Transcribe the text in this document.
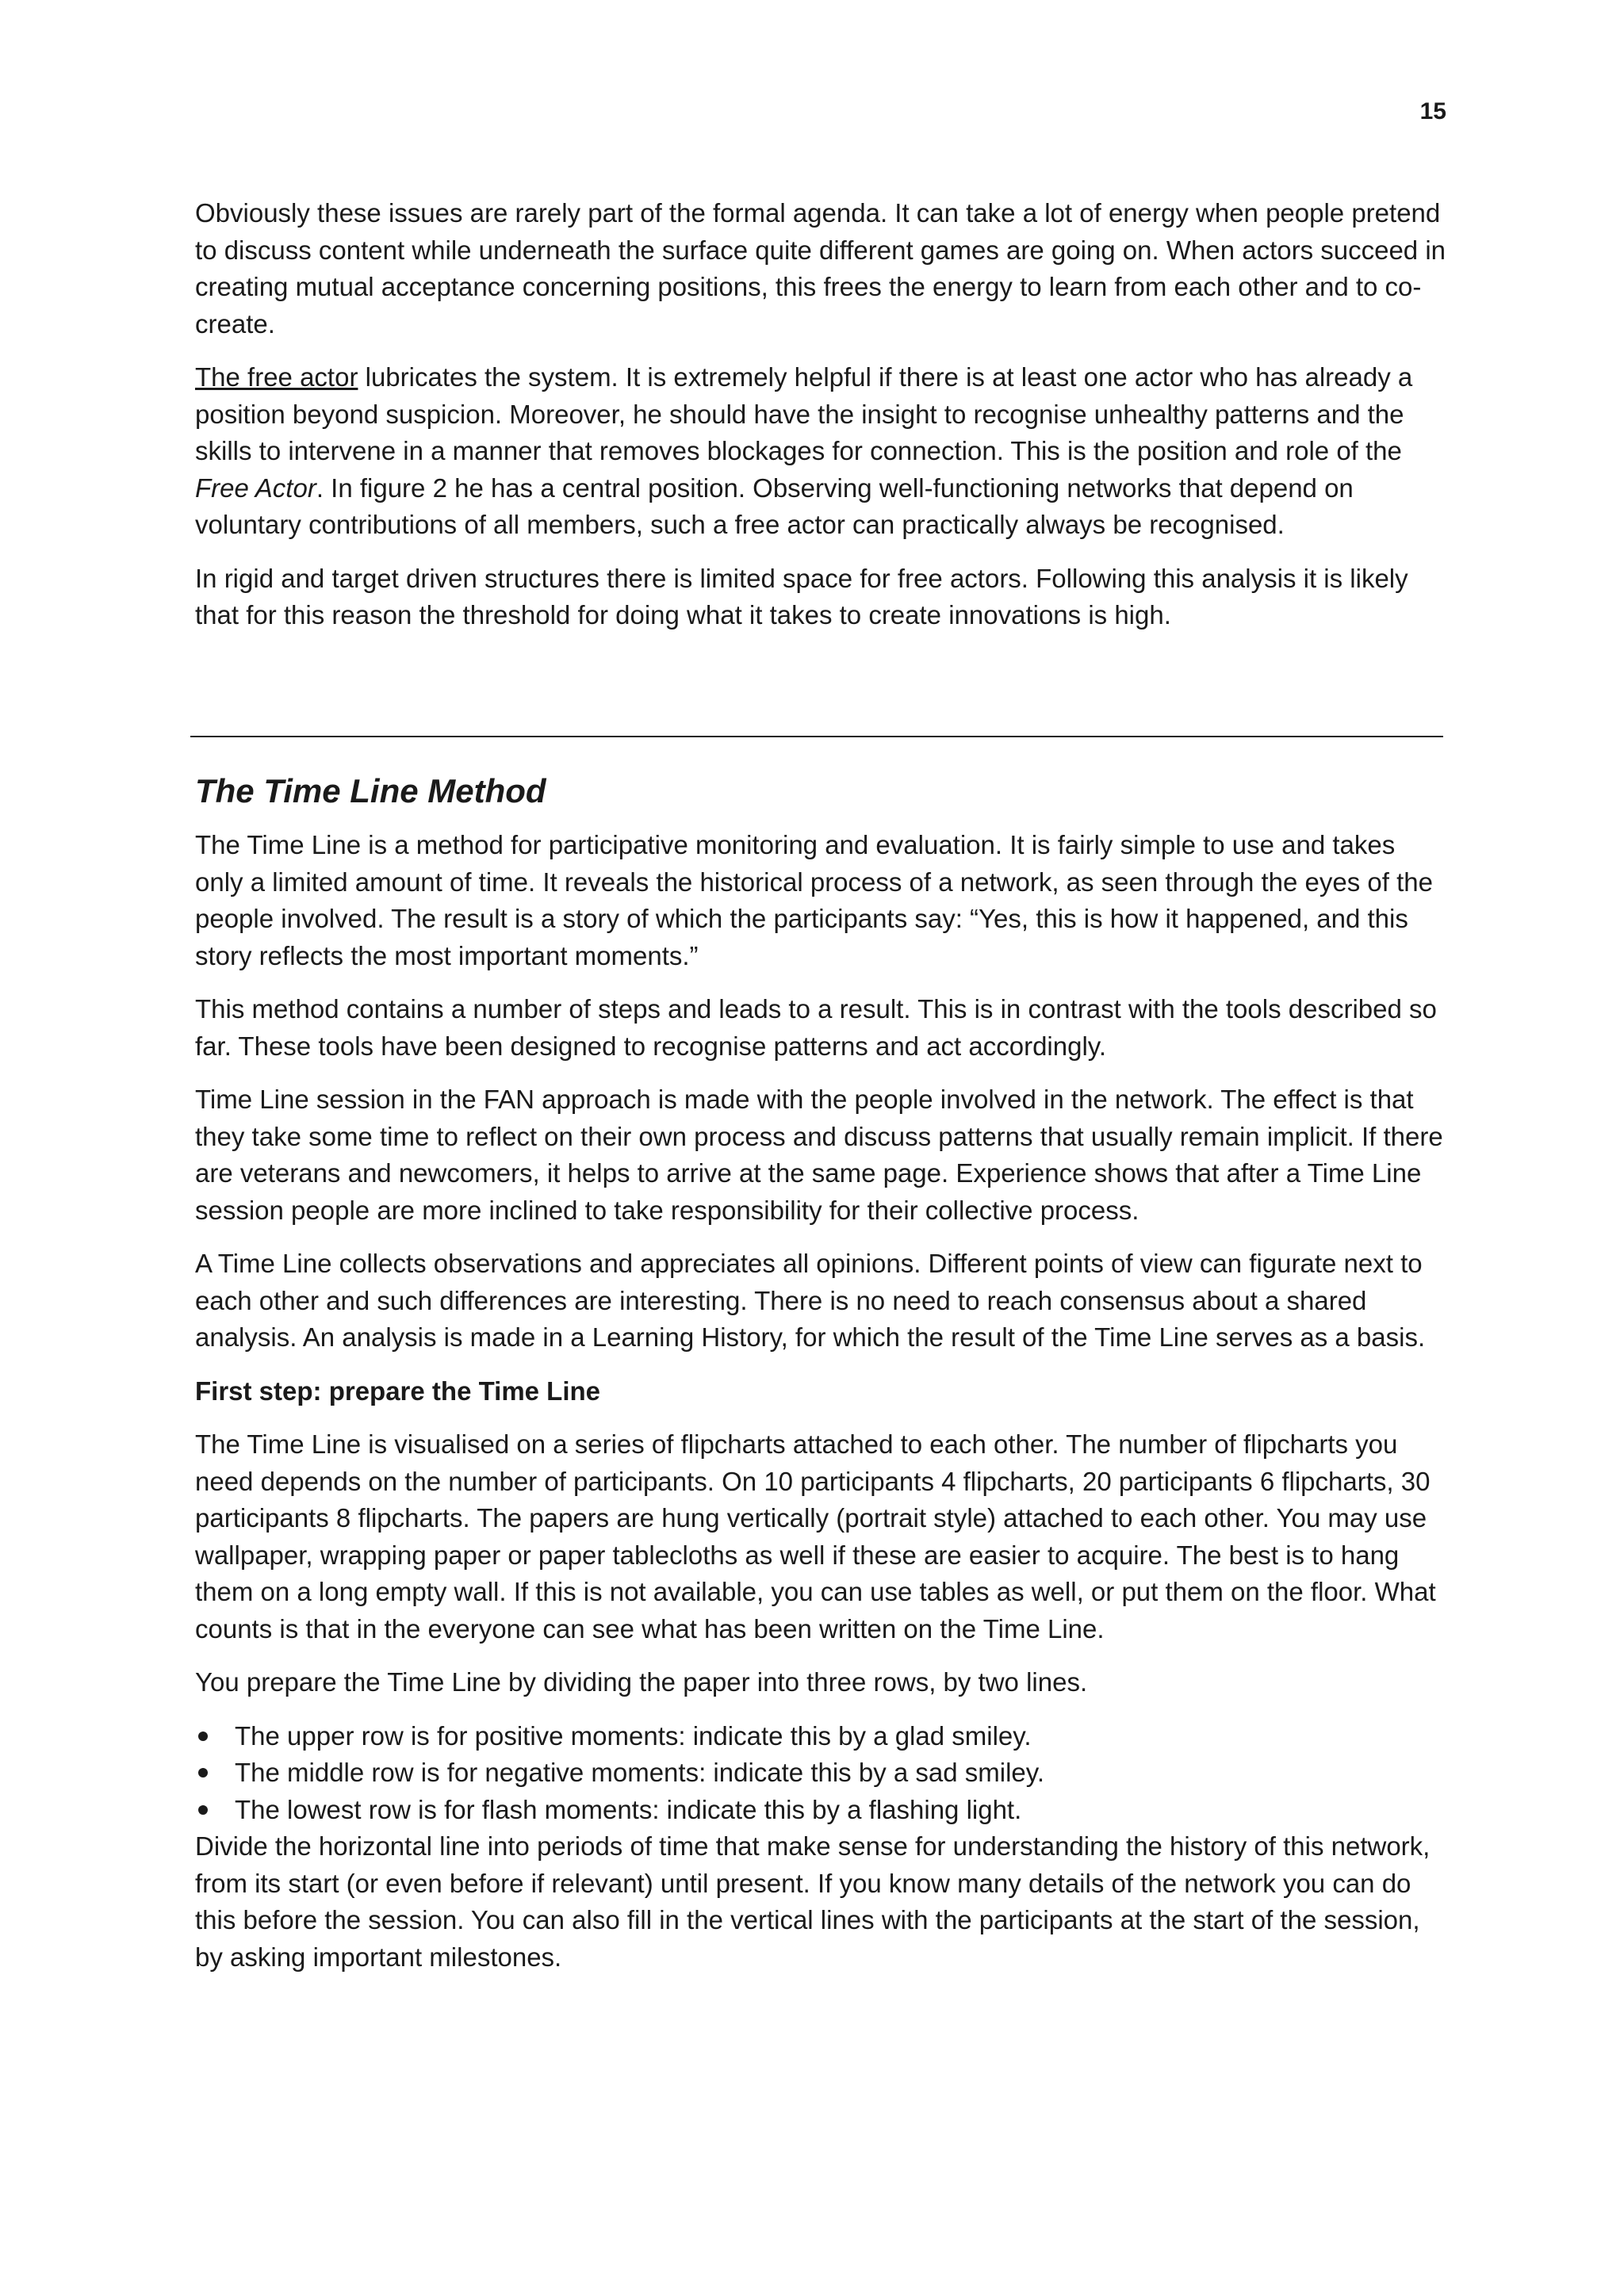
15

Obviously these issues are rarely part of the formal agenda. It can take a lot of energy when people pretend to discuss content while underneath the surface quite different games are going on. When actors succeed in creating mutual acceptance concerning positions, this frees the energy to learn from each other and to co-create.

The free actor lubricates the system. It is extremely helpful if there is at least one actor who has already a position beyond suspicion. Moreover, he should have the insight to recognise unhealthy patterns and the skills to intervene in a manner that removes blockages for connection. This is the position and role of the Free Actor. In figure 2 he has a central position. Observing well-functioning networks that depend on voluntary contributions of all members, such a free actor can practically always be recognised.

In rigid and target driven structures there is limited space for free actors. Following this analysis it is likely that for this reason the threshold for doing what it takes to create innovations is high.

The Time Line Method

The Time Line is a method for participative monitoring and evaluation. It is fairly simple to use and takes only a limited amount of time. It reveals the historical process of a network, as seen through the eyes of the people involved. The result is a story of which the participants say: “Yes, this is how it happened, and this story reflects the most important moments.”

This method contains a number of steps and leads to a result. This is in contrast with the tools described so far. These tools have been designed to recognise patterns and act accordingly.

Time Line session in the FAN approach is made with the people involved in the network. The effect is that they take some time to reflect on their own process and discuss patterns that usually remain implicit. If there are veterans and newcomers, it helps to arrive at the same page. Experience shows that after a Time Line session people are more inclined to take responsibility for their collective process.

A Time Line collects observations and appreciates all opinions. Different points of view can figurate next to each other and such differences are interesting. There is no need to reach consensus about a shared analysis. An analysis is made in a Learning History, for which the result of the Time Line serves as a basis.

First step: prepare the Time Line

The Time Line is visualised on a series of flipcharts attached to each other. The number of flipcharts you need depends on the number of participants. On 10 participants 4 flipcharts, 20 participants 6 flipcharts, 30 participants 8 flipcharts. The papers are hung vertically (portrait style) attached to each other. You may use wallpaper, wrapping paper or paper tablecloths as well if these are easier to acquire. The best is to hang them on a long empty wall. If this is not available, you can use tables as well, or put them on the floor. What counts is that in the everyone can see what has been written on the Time Line.

You prepare the Time Line by dividing the paper into three rows, by two lines.

The upper row is for positive moments: indicate this by a glad smiley.
The middle row is for negative moments: indicate this by a sad smiley.
The lowest row is for flash moments: indicate this by a flashing light.

Divide the horizontal line into periods of time that make sense for understanding the history of this network, from its start (or even before if relevant) until present. If you know many details of the network you can do this before the session. You can also fill in the vertical lines with the participants at the start of the session, by asking important milestones.
